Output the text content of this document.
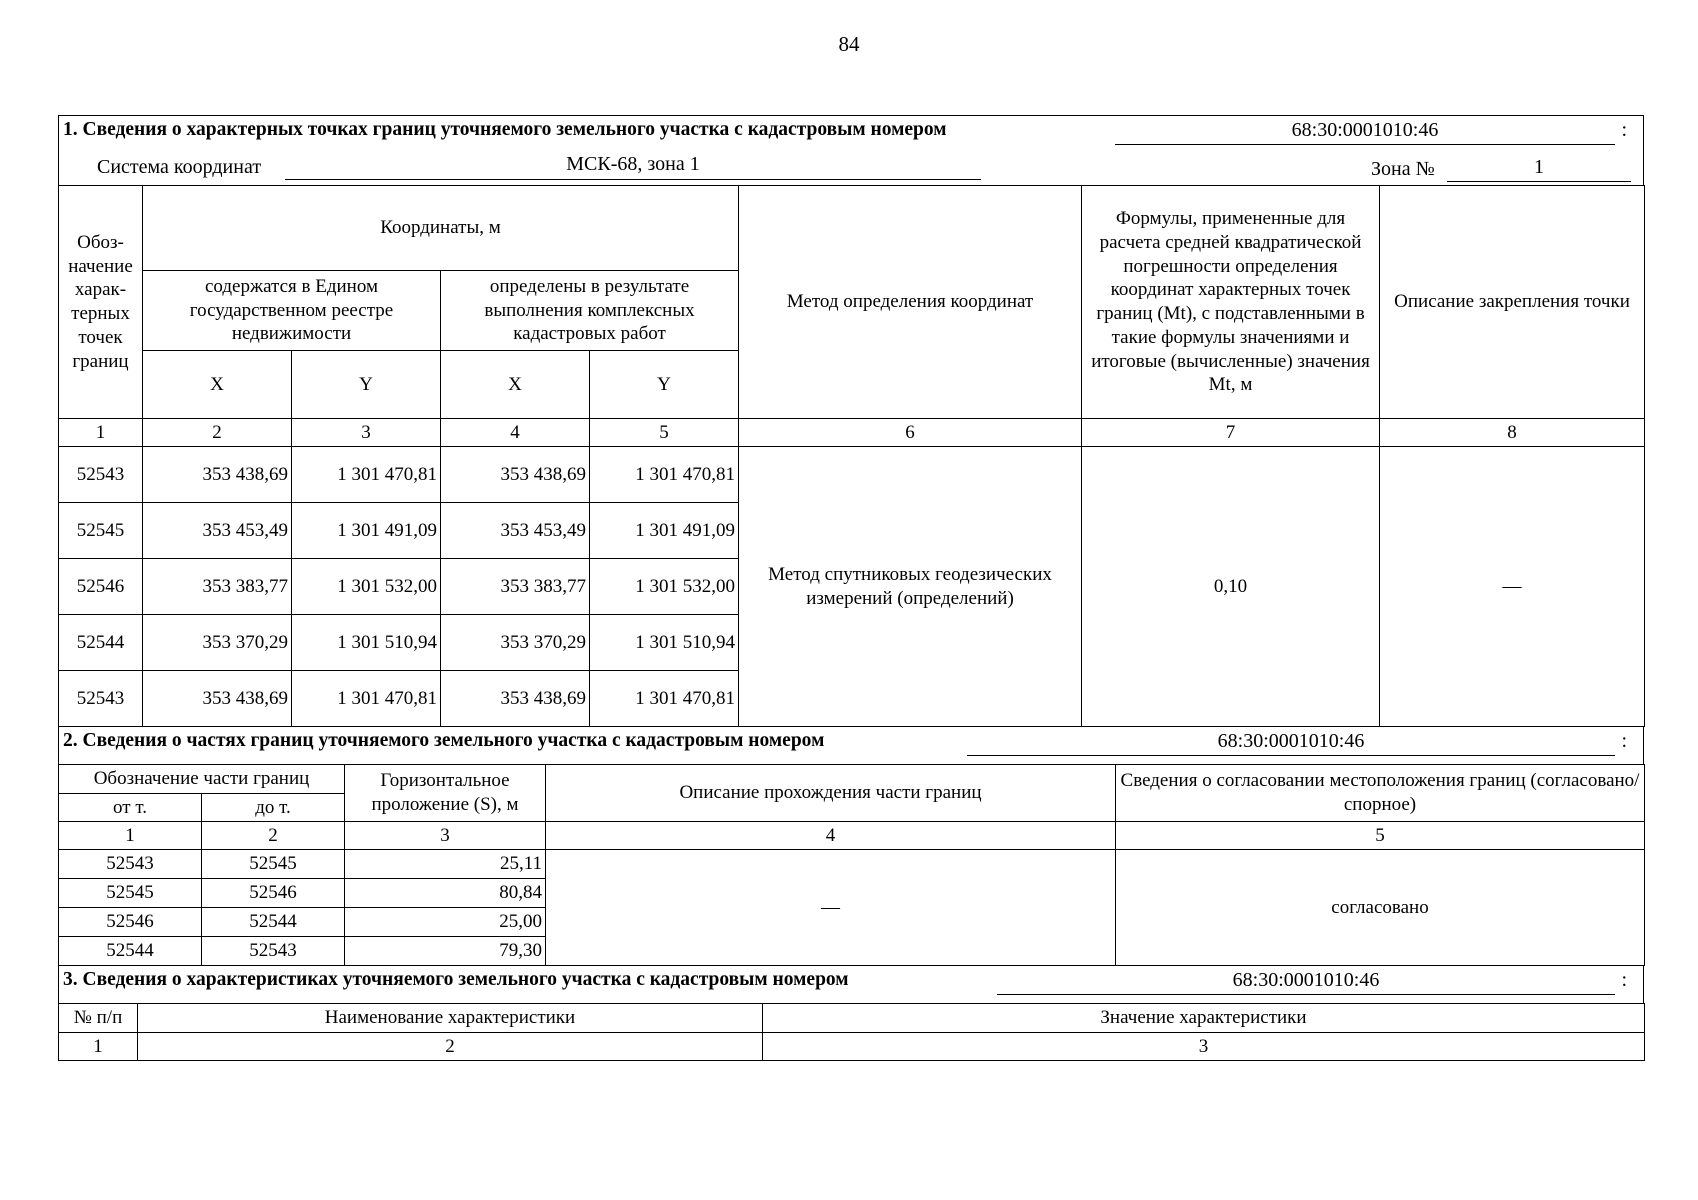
84
1. Сведения о характерных точках границ уточняемого земельного участка с кадастровым номером	68:30:0001010:46	:
Система координат	МСК-68, зона 1	Зона №	1
Обоз-начение харак-терных точек границ	Координаты, м				Метод определения координат	Формулы, примененные для расчета средней квадратической погрешности определения координат характерных точек границ (Mt), с подставленными в такие формулы значениями и итоговые (вычисленные) значения Mt, м	Описание закрепления точки
	содержатся в Едином государственном реестре недвижимости		определены в результате выполнения комплексных кадастровых работ				
	X	Y	X	Y			
1	2	3	4	5	6	7	8
52543	353 438,69	1 301 470,81	353 438,69	1 301 470,81	Метод спутниковых геодезических измерений (определений)	0,10	—
52545	353 453,49	1 301 491,09	353 453,49	1 301 491,09			
52546	353 383,77	1 301 532,00	353 383,77	1 301 532,00			
52544	353 370,29	1 301 510,94	353 370,29	1 301 510,94			
52543	353 438,69	1 301 470,81	353 438,69	1 301 470,81			
2. Сведения о частях границ уточняемого земельного участка с кадастровым номером	68:30:0001010:46	:
Обозначение части границ		Горизонтальное проложение (S), м	Описание прохождения части границ	Сведения о согласовании местоположения границ (согласовано/спорное)
от т.	до т.			
1	2	3	4	5
52543	52545	25,11	—	согласовано
52545	52546	80,84		
52546	52544	25,00		
52544	52543	79,30		
3. Сведения о характеристиках уточняемого земельного участка с кадастровым номером	68:30:0001010:46	:
№ п/п	Наименование характеристики	Значение характеристики
1	2	3
